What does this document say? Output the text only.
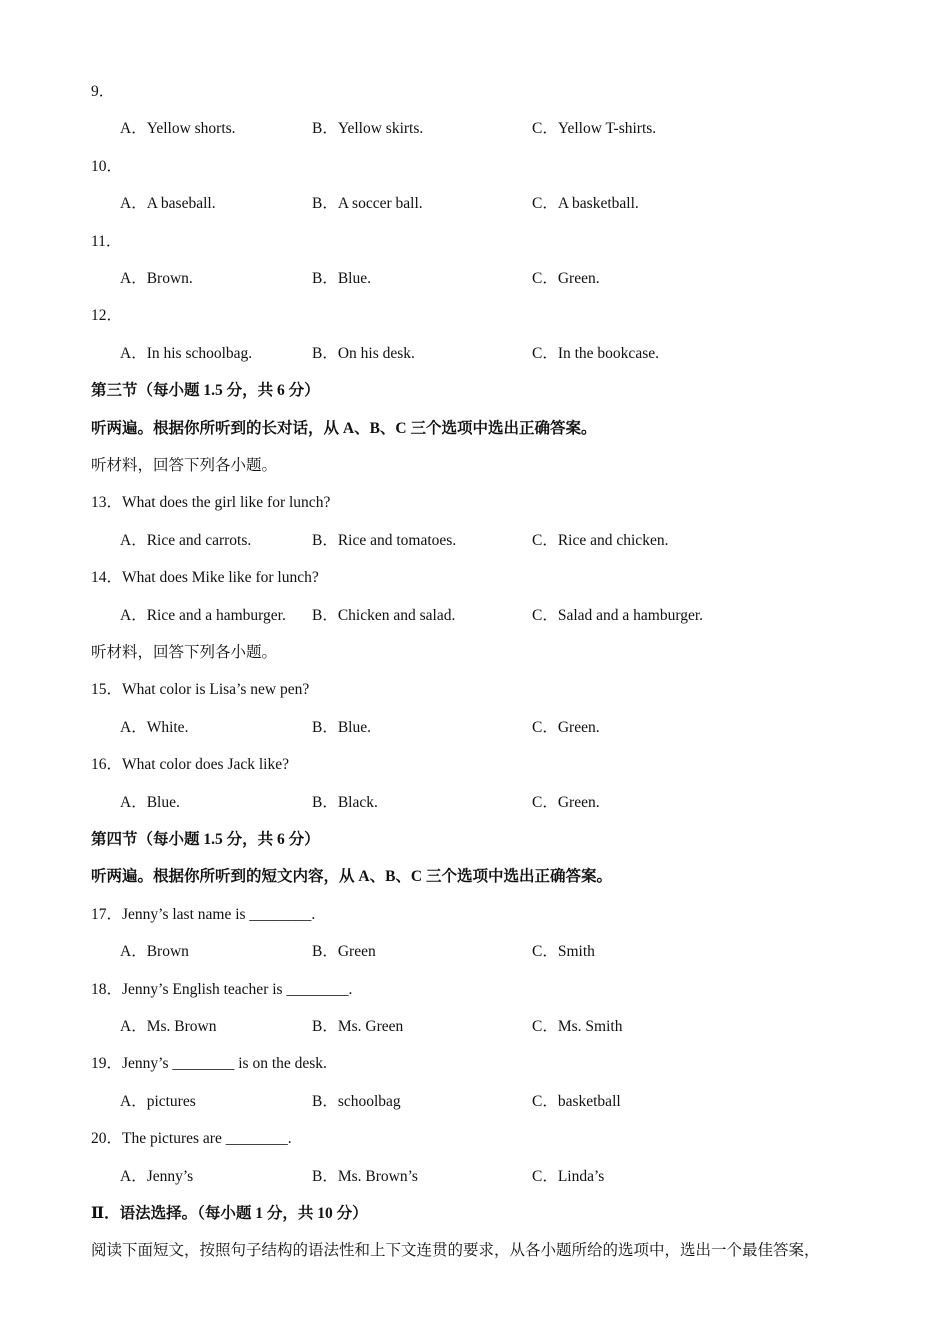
9．
A．Yellow shorts.	B．Yellow skirts.	C．Yellow T-shirts.
10．
A．A baseball.	B．A soccer ball.	C．A basketball.
11．
A．Brown.	B．Blue.	C．Green.
12．
A．In his schoolbag.	B．On his desk.	C．In the bookcase.
第三节（每小题 1.5 分，共 6 分）
听两遍。根据你所听到的长对话，从 A、B、C 三个选项中选出正确答案。
听材料，回答下列各小题。
13．What does the girl like for lunch?
A．Rice and carrots.	B．Rice and tomatoes.	C．Rice and chicken.
14．What does Mike like for lunch?
A．Rice and a hamburger. B．Chicken and salad.	C．Salad and a hamburger.
听材料，回答下列各小题。
15．What color is Lisa’s new pen?
A．White.	B．Blue.	C．Green.
16．What color does Jack like?
A．Blue.	B．Black.	C．Green.
第四节（每小题 1.5 分，共 6 分）
听两遍。根据你所听到的短文内容，从 A、B、C 三个选项中选出正确答案。
17．Jenny’s last name is ________.
A．Brown	B．Green	C．Smith
18．Jenny’s English teacher is ________.
A．Ms. Brown	B．Ms. Green	C．Ms. Smith
19．Jenny’s ________ is on the desk.
A．pictures	B．schoolbag	C．basketball
20．The pictures are ________.
A．Jenny’s	B．Ms. Brown’s	C．Linda’s
Ⅱ．语法选择。（每小题 1 分，共 10 分）
阅读下面短文，按照句子结构的语法性和上下文连贯的要求，从各小题所给的选项中，选出一个最佳答案，
